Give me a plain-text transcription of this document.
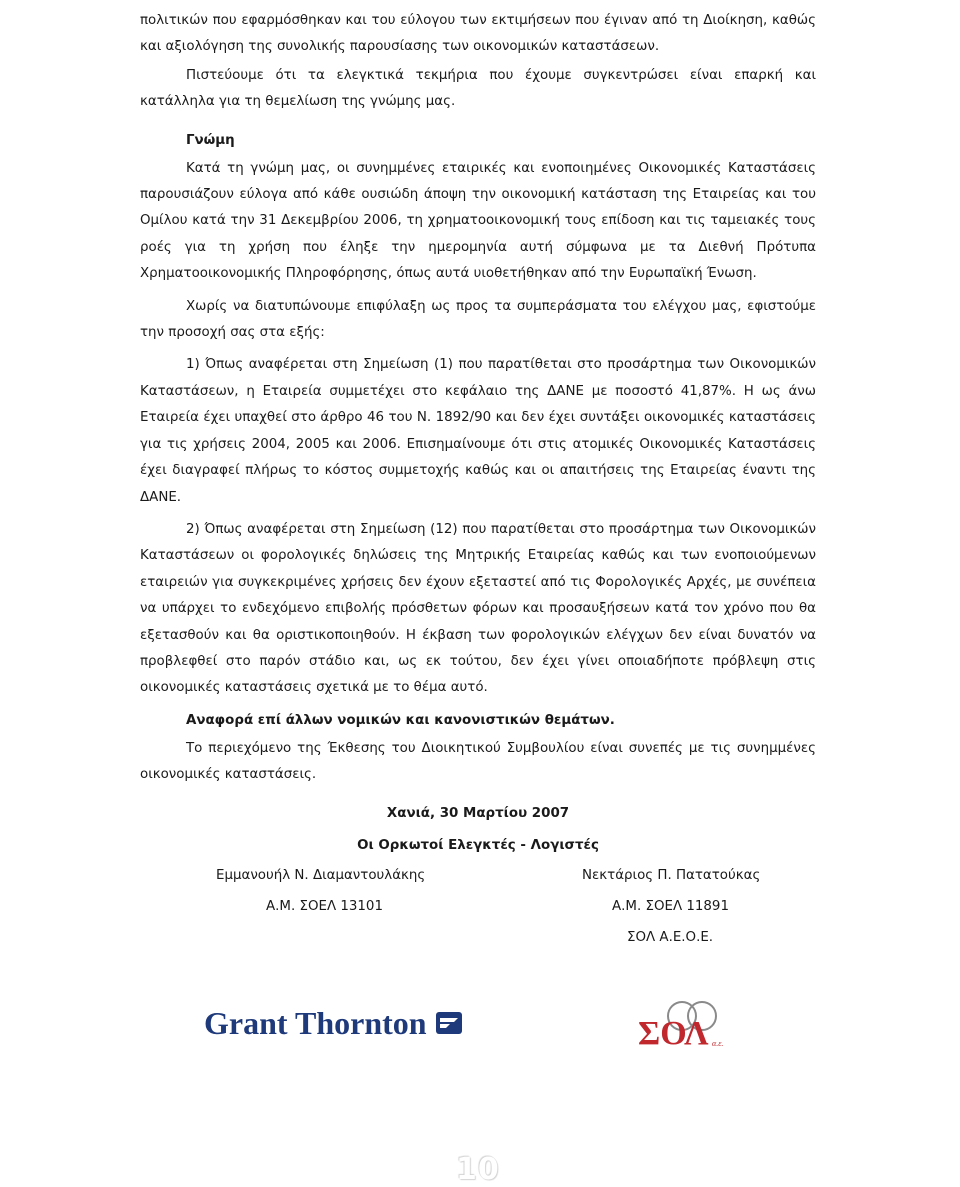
πολιτικών που εφαρμόσθηκαν και του εύλογου των εκτιμήσεων που έγιναν από τη Διοίκηση, καθώς και αξιολόγηση της συνολικής παρουσίασης των οικονομικών καταστάσεων.

Πιστεύουμε ότι τα ελεγκτικά τεκμήρια που έχουμε συγκεντρώσει είναι επαρκή και κατάλληλα για τη θεμελίωση της γνώμης μας.

Γνώμη

Κατά τη γνώμη μας, οι συνημμένες εταιρικές και ενοποιημένες Οικονομικές Καταστάσεις παρουσιάζουν εύλογα από κάθε ουσιώδη άποψη την οικονομική κατάσταση της Εταιρείας και του Ομίλου κατά την 31 Δεκεμβρίου 2006, τη χρηματοοικονομική τους επίδοση και τις ταμειακές τους ροές για τη χρήση που έληξε την ημερομηνία αυτή σύμφωνα με τα Διεθνή Πρότυπα Χρηματοοικονομικής Πληροφόρησης, όπως αυτά υιοθετήθηκαν από την Ευρωπαϊκή Ένωση.

Χωρίς να διατυπώνουμε επιφύλαξη ως προς τα συμπεράσματα του ελέγχου μας, εφιστούμε την προσοχή σας στα εξής:

1) Όπως αναφέρεται στη Σημείωση (1) που παρατίθεται στο προσάρτημα των Οικονομικών Καταστάσεων, η Εταιρεία συμμετέχει στο κεφάλαιο της ΔΑΝΕ με ποσοστό 41,87%. Η ως άνω Εταιρεία έχει υπαχθεί στο άρθρο 46 του Ν. 1892/90 και δεν έχει συντάξει οικονομικές καταστάσεις για τις χρήσεις 2004, 2005 και 2006. Επισημαίνουμε ότι στις ατομικές Οικονομικές Καταστάσεις έχει διαγραφεί πλήρως το κόστος συμμετοχής καθώς και οι απαιτήσεις της Εταιρείας έναντι της ΔΑΝΕ.

2) Όπως αναφέρεται στη Σημείωση (12) που παρατίθεται στο προσάρτημα των Οικονομικών Καταστάσεων οι φορολογικές δηλώσεις της Μητρικής Εταιρείας καθώς και των ενοποιούμενων εταιρειών για συγκεκριμένες χρήσεις δεν έχουν εξεταστεί από τις Φορολογικές Αρχές, με συνέπεια να υπάρχει το ενδεχόμενο επιβολής πρόσθετων φόρων και προσαυξήσεων κατά τον χρόνο που θα εξετασθούν και θα οριστικοποιηθούν. Η έκβαση των φορολογικών ελέγχων δεν είναι δυνατόν να προβλεφθεί στο παρόν στάδιο και, ως εκ τούτου, δεν έχει γίνει οποιαδήποτε πρόβλεψη στις οικονομικές καταστάσεις σχετικά με το θέμα αυτό.

Αναφορά επί άλλων νομικών και κανονιστικών θεμάτων.

Το περιεχόμενο της Έκθεσης του Διοικητικού Συμβουλίου είναι συνεπές με τις συνημμένες οικονομικές καταστάσεις.

Χανιά, 30 Μαρτίου 2007
Οι Ορκωτοί Ελεγκτές - Λογιστές
Εμμανουήλ Ν. Διαμαντουλάκης	Νεκτάριος Π. Πατατούκας
Α.Μ. ΣΟΕΛ 13101	Α.Μ. ΣΟΕΛ 11891
ΣΟΛ Α.Ε.Ο.Ε.
Grant Thornton	ΣΟΛ α.ε.
10
